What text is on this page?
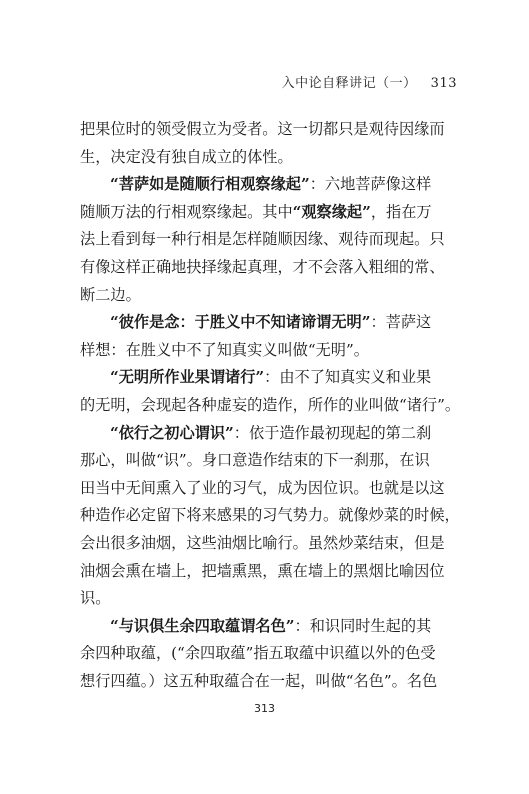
入中论自释讲记（一） 313
把果位时的领受假立为受者。这一切都只是观待因缘而
生，决定没有独自成立的体性。
“菩萨如是随顺行相观察缘起”：六地菩萨像这样
随顺万法的行相观察缘起。其中“观察缘起”，指在万
法上看到每一种行相是怎样随顺因缘、观待而现起。只
有像这样正确地抉择缘起真理，才不会落入粗细的常、
断二边。
“彼作是念：于胜义中不知诸谛谓无明”：菩萨这
样想：在胜义中不了知真实义叫做“无明”。
“无明所作业果谓诸行”：由不了知真实义和业果
的无明，会现起各种虚妄的造作，所作的业叫做“诸行”。
“依行之初心谓识”：依于造作最初现起的第二刹
那心，叫做“识”。身口意造作结束的下一刹那，在识
田当中无间熏入了业的习气，成为因位识。也就是以这
种造作必定留下将来感果的习气势力。就像炒菜的时候，
会出很多油烟，这些油烟比喻行。虽然炒菜结束，但是
油烟会熏在墙上，把墙熏黑，熏在墙上的黑烟比喻因位
识。
“与识俱生余四取蕴谓名色”：和识同时生起的其
余四种取蕴，(“余四取蕴”指五取蕴中识蕴以外的色受
想行四蕴。）这五种取蕴合在一起，叫做“名色”。名色
313
